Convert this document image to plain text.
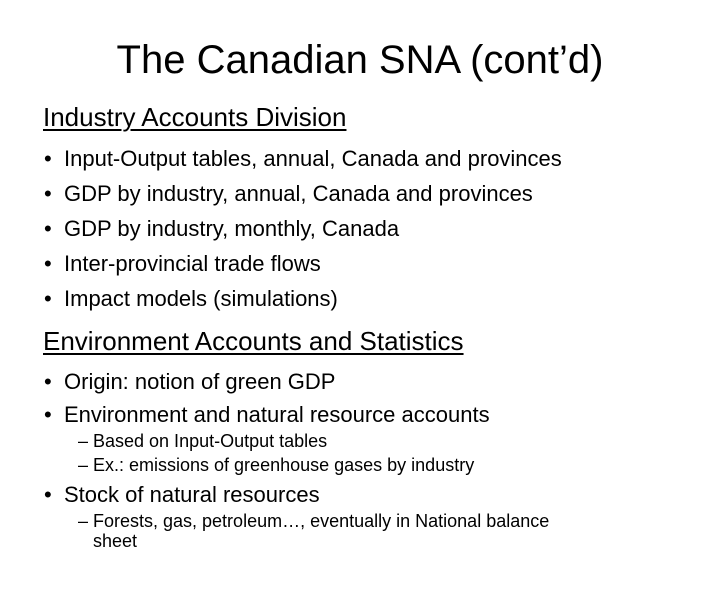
The Canadian SNA (cont’d)
Industry Accounts Division
• Input-Output tables, annual, Canada and provinces
• GDP by industry, annual, Canada and provinces
• GDP by industry, monthly, Canada
• Inter-provincial trade flows
• Impact models (simulations)
Environment Accounts and Statistics
• Origin: notion of green GDP
• Environment and natural resource accounts
– Based on Input-Output tables
– Ex.: emissions of greenhouse gases by industry
• Stock of natural resources
– Forests, gas, petroleum…, eventually in National balance
sheet
